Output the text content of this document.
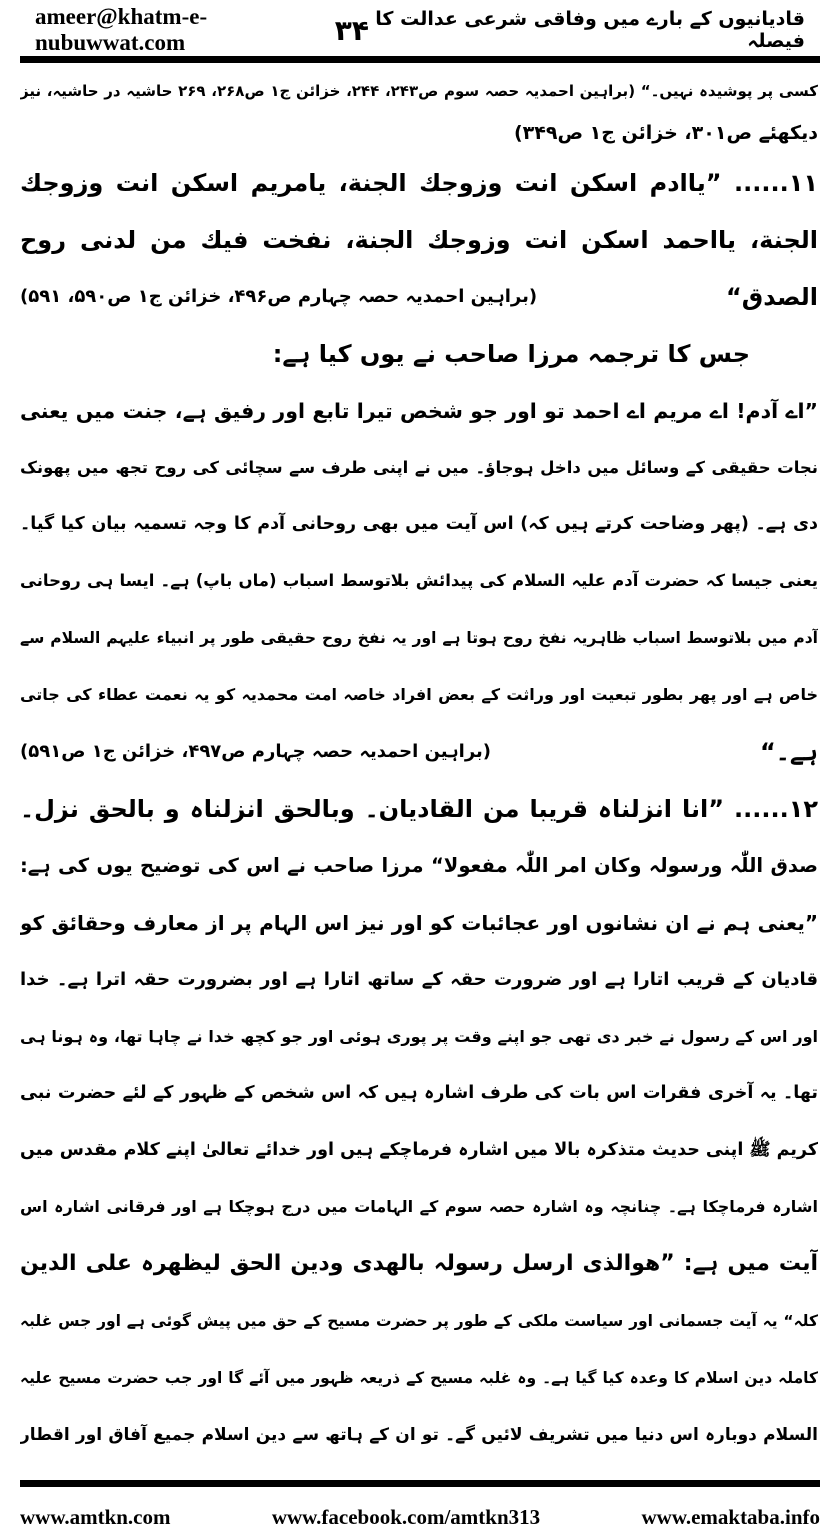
ameer@khatm-e-nubuwwat.com	۳۴ قادیانیوں کے بارے میں وفاقی شرعی عدالت کا فیصلہ
کسی پر پوشیدہ نہیں۔“ (براہین احمدیہ حصہ سوم ص۲۴۳، ۲۴۴، خزائن ج۱ ص۲۶۸، ۲۶۹ حاشیہ در حاشیہ، نیز
دیکھئے ص۳۰۱، خزائن ج۱ ص۳۴۹)
۱۱...... ”یاادم اسکن انت وزوجك الجنة، یامریم اسکن انت وزوجك
الجنة، یااحمد اسکن انت وزوجك الجنة، نفخت فیك من لدنی روح
الصدق“
(براہین احمدیہ حصہ چہارم ص۴۹۶، خزائن ج۱ ص۵۹۰، ۵۹۱)
جس کا ترجمہ مرزا صاحب نے یوں کیا ہے:
”اے آدم! اے مریم اے احمد تو اور جو شخص تیرا تابع اور رفیق ہے، جنت میں یعنی
نجات حقیقی کے وسائل میں داخل ہوجاؤ۔ میں نے اپنی طرف سے سچائی کی روح تجھ میں پھونک
دی ہے۔ (پھر وضاحت کرتے ہیں کہ) اس آیت میں بھی روحانی آدم کا وجہ تسمیہ بیان کیا گیا۔
یعنی جیسا کہ حضرت آدم علیہ السلام کی پیدائش بلاتوسط اسباب (ماں باپ) ہے۔ ایسا ہی روحانی
آدم میں بلاتوسط اسباب ظاہریہ نفخ روح ہوتا ہے اور یہ نفخ روح حقیقی طور پر انبیاء علیہم السلام سے
خاص ہے اور پھر بطور تبعیت اور وراثت کے بعض افراد خاصہ امت محمدیہ کو یہ نعمت عطاء کی جاتی
ہے۔“
(براہین احمدیہ حصہ چہارم ص۴۹۷، خزائن ج۱ ص۵۹۱)
۱۲...... ”انا انزلناہ قریبا من القادیان۔ وبالحق انزلناہ و بالحق نزل۔
صدق اللّٰہ ورسولہ وکان امر اللّٰہ مفعولا“ مرزا صاحب نے اس کی توضیح یوں کی ہے:
”یعنی ہم نے ان نشانوں اور عجائبات کو اور نیز اس الہام پر از معارف وحقائق کو
قادیان کے قریب اتارا ہے اور ضرورت حقہ کے ساتھ اتارا ہے اور بضرورت حقہ اترا ہے۔ خدا
اور اس کے رسول نے خبر دی تھی جو اپنے وقت پر پوری ہوئی اور جو کچھ خدا نے چاہا تھا، وہ ہونا ہی
تھا۔ یہ آخری فقرات اس بات کی طرف اشارہ ہیں کہ اس شخص کے ظہور کے لئے حضرت نبی
کریم ﷺ اپنی حدیث متذکرہ بالا میں اشارہ فرماچکے ہیں اور خدائے تعالیٰ اپنے کلام مقدس میں
اشارہ فرماچکا ہے۔ چنانچہ وہ اشارہ حصہ سوم کے الہامات میں درج ہوچکا ہے اور فرقانی اشارہ اس
آیت میں ہے: ”ھوالذی ارسل رسولہ بالھدی ودین الحق لیظھرہ علی الدین
کلہ“ یہ آیت جسمانی اور سیاست ملکی کے طور پر حضرت مسیح کے حق میں پیش گوئی ہے اور جس غلبہ
کاملہ دین اسلام کا وعدہ کیا گیا ہے۔ وہ غلبہ مسیح کے ذریعہ ظہور میں آئے گا اور جب حضرت مسیح علیہ
السلام دوبارہ اس دنیا میں تشریف لائیں گے۔ تو ان کے ہاتھ سے دین اسلام جمیع آفاق اور اقطار
www.amtkn.com	www.facebook.com/amtkn313	www.emaktaba.info
